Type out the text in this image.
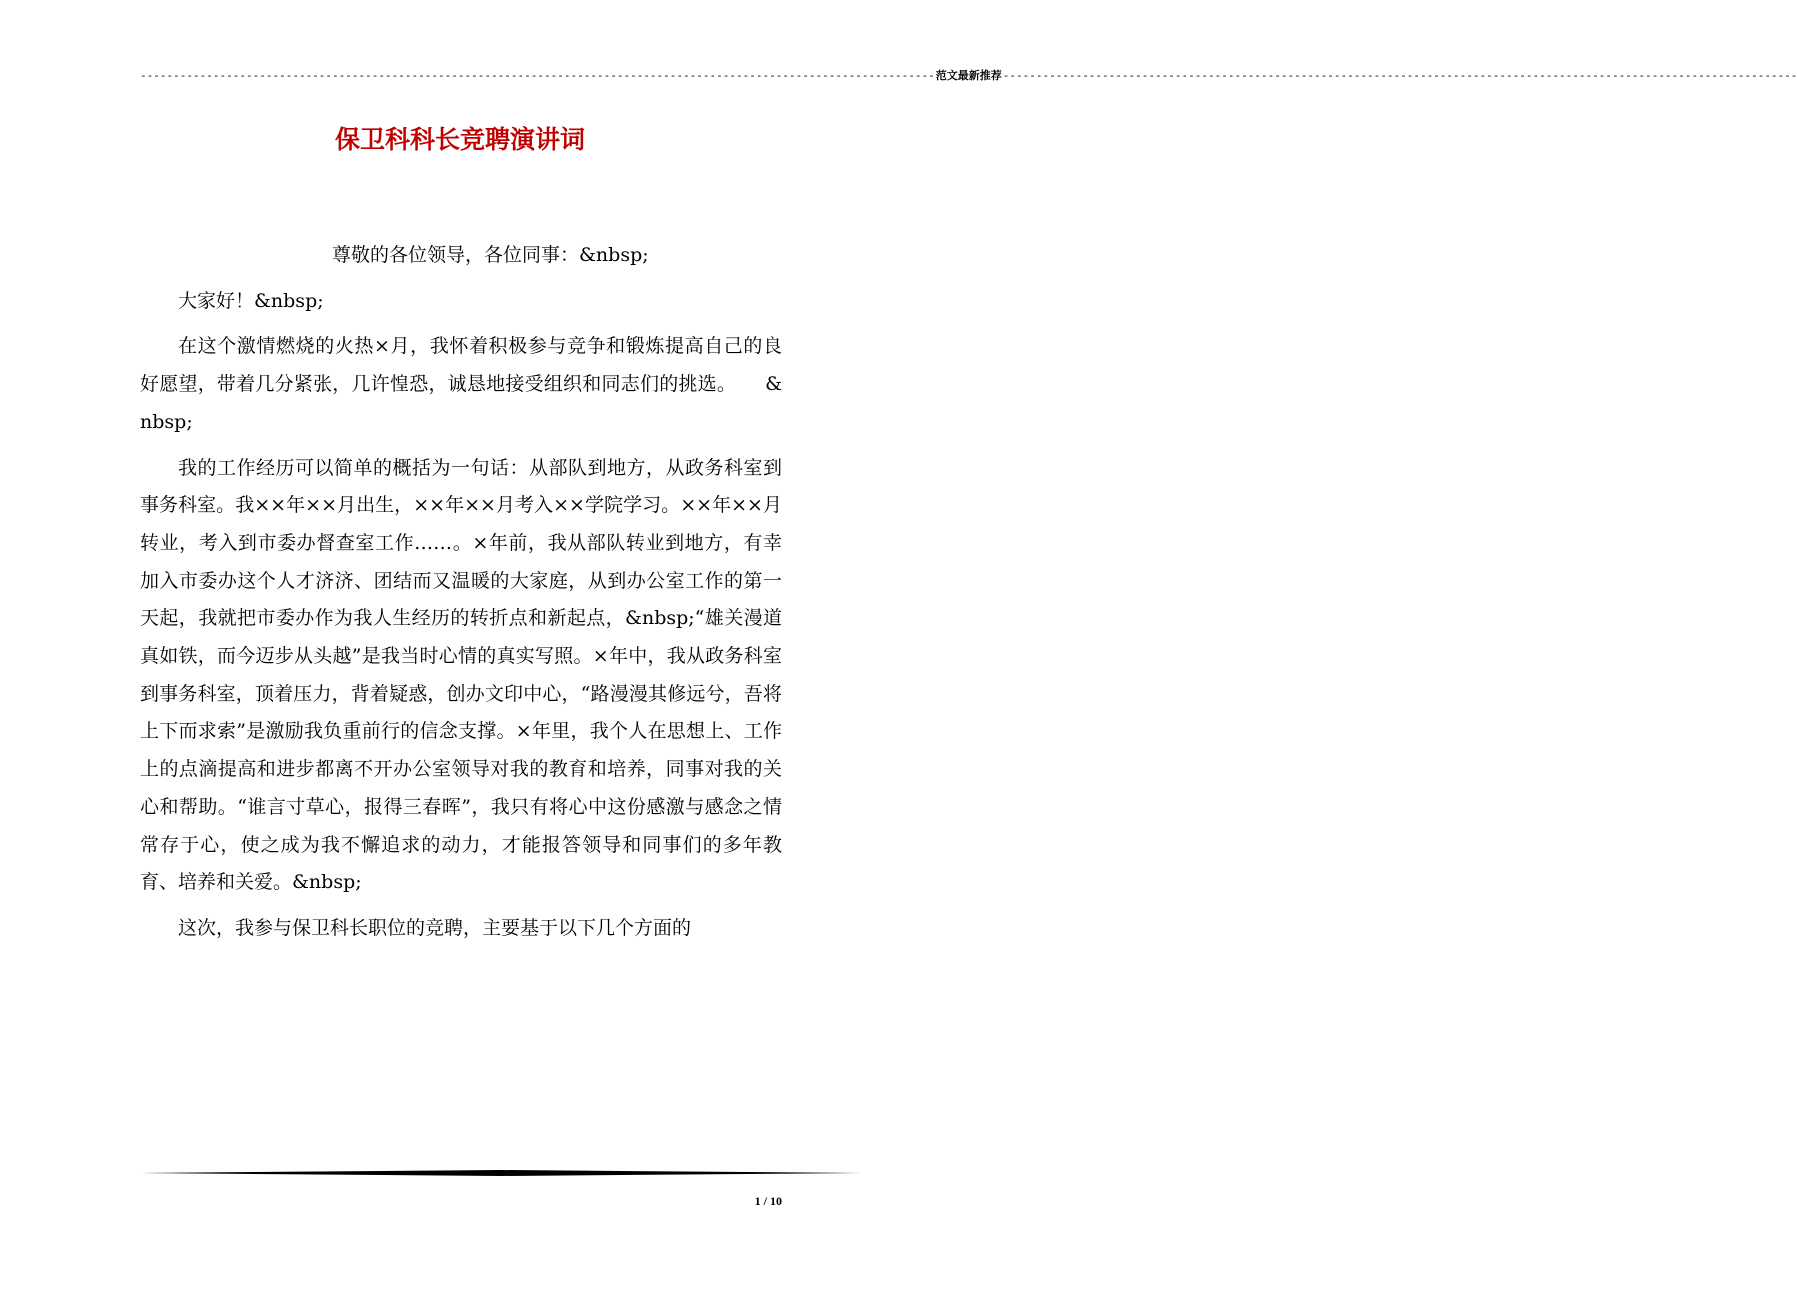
------------------------------------------------------------------------------------------------------------------------ 范文最新推荐 ------------------------------------------------------------------------------------------------------------------------
保卫科科长竞聘演讲词

尊敬的各位领导，各位同事：&nbsp;

大家好！&nbsp;

在这个激情燃烧的火热×月，我怀着积极参与竞争和锻炼提高自己的良好愿望，带着几分紧张，几许惶恐，诚恳地接受组织和同志们的挑选。　　&nbsp;

我的工作经历可以简单的概括为一句话：从部队到地方，从政务科室到事务科室。我××年××月出生，××年××月考入××学院学习。××年××月转业，考入到市委办督查室工作……。×年前，我从部队转业到地方，有幸加入市委办这个人才济济、团结而又温暖的大家庭，从到办公室工作的第一天起，我就把市委办作为我人生经历的转折点和新起点，&nbsp;“雄关漫道真如铁，而今迈步从头越”是我当时心情的真实写照。×年中，我从政务科室到事务科室，顶着压力，背着疑惑，创办文印中心，“路漫漫其修远兮，吾将上下而求索”是激励我负重前行的信念支撑。×年里，我个人在思想上、工作上的点滴提高和进步都离不开办公室领导对我的教育和培养，同事对我的关心和帮助。“谁言寸草心，报得三春晖”，我只有将心中这份感激与感念之情常存于心，使之成为我不懈追求的动力，才能报答领导和同事们的多年教育、培养和关爱。&nbsp;

这次，我参与保卫科长职位的竞聘，主要基于以下几个方面的

1 / 10
